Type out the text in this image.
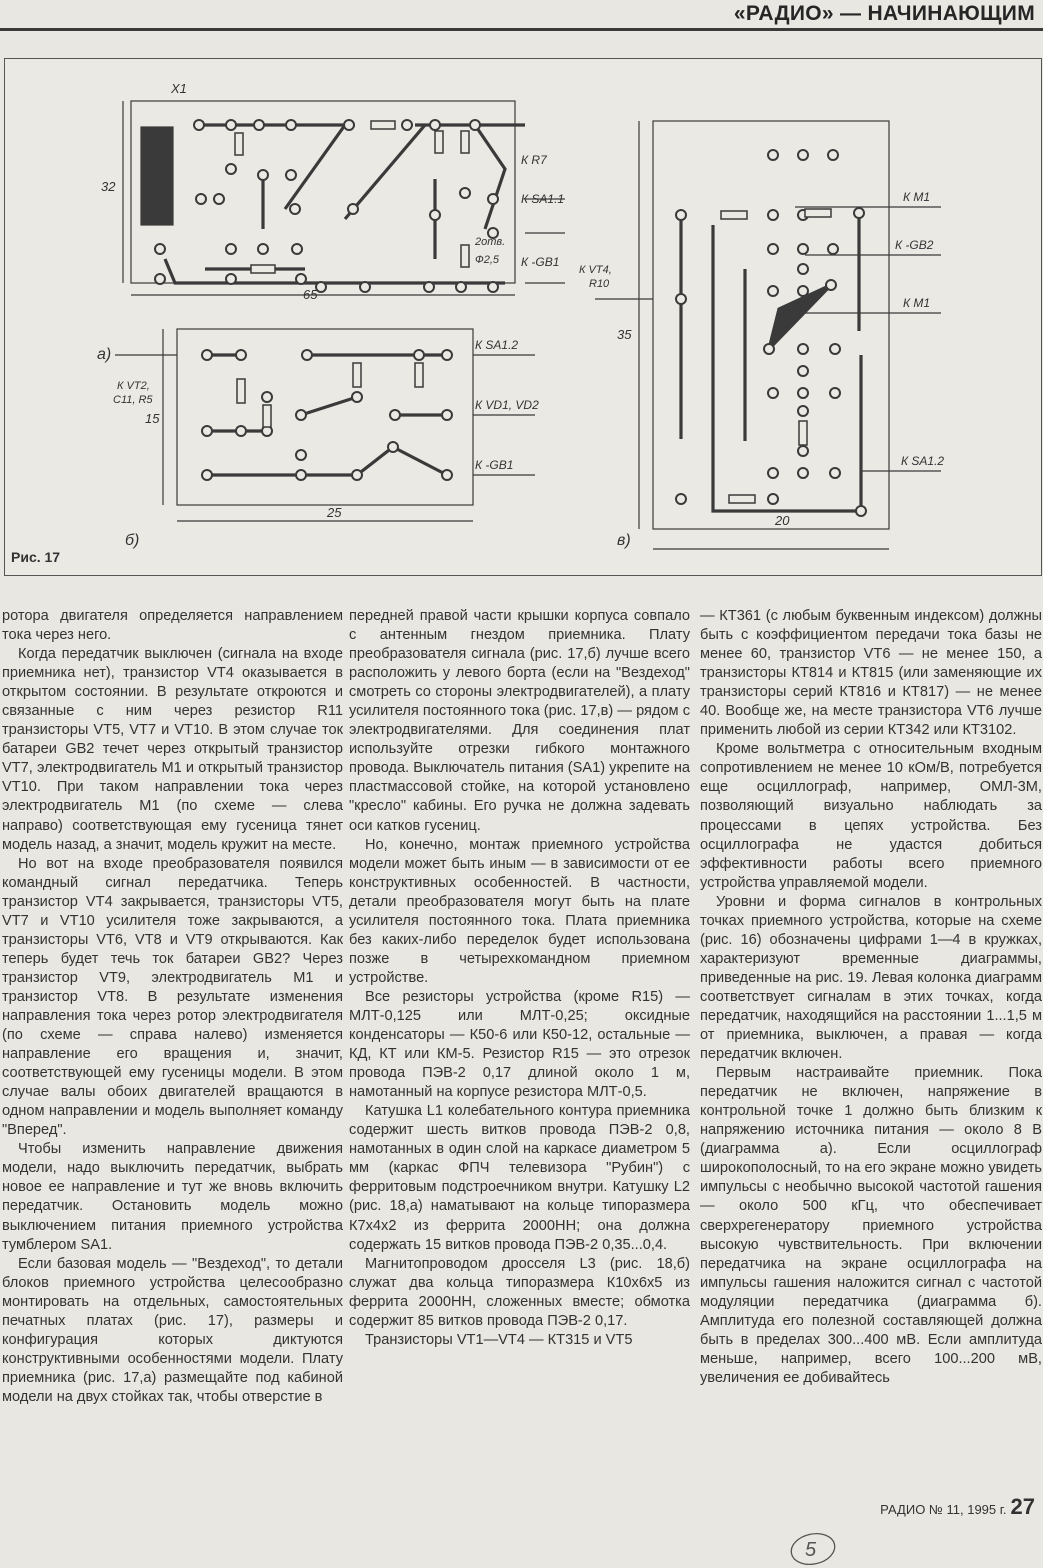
«РАДИО» — НАЧИНАЮЩИМ
X1
65
32
а)
К R7
К SA1.1
К -GB1
2отв.
Ф2,5
К VT2,
C11, R5
К SA1.2
К VD1, VD2
К -GB1
25
15
б)
К VT4,
R10
К M1
К -GB2
К M1
К SA1.2
20
35
в)
Рис. 17

ротора двигателя определяется направлением тока через него.

Когда передатчик выключен (сигнала на входе приемника нет), транзистор VT4 оказывается в открытом состоянии. В результате откроются и связанные с ним через резистор R11 транзисторы VT5, VT7 и VT10. В этом случае ток батареи GB2 течет через открытый транзистор VT7, электродвигатель M1 и открытый транзистор VT10. При таком направлении тока через электродвигатель M1 (по схеме — слева направо) соответствующая ему гусеница тянет модель назад, а значит, модель кружит на месте.

Но вот на входе преобразователя появился командный сигнал передатчика. Теперь транзистор VT4 закрывается, транзисторы VT5, VT7 и VT10 усилителя тоже закрываются, а транзисторы VT6, VT8 и VT9 открываются. Как теперь будет течь ток батареи GB2? Через транзистор VT9, электродвигатель M1 и транзистор VT8. В результате изменения направления тока через ротор электродвигателя (по схеме — справа налево) изменяется направление его вращения и, значит, соответствующей ему гусеницы модели. В этом случае валы обоих двигателей вращаются в одном направлении и модель выполняет команду "Вперед".

Чтобы изменить направление движения модели, надо выключить передатчик, выбрать новое ее направление и тут же вновь включить передатчик. Остановить модель можно выключением питания приемного устройства тумблером SA1.

Если базовая модель — "Вездеход", то детали блоков приемного устройства целесообразно монтировать на отдельных, самостоятельных печатных платах (рис. 17), размеры и конфигурация которых диктуются конструктивными особенностями модели. Плату приемника (рис. 17,а) размещайте под кабиной модели на двух стойках так, чтобы отверстие в

передней правой части крышки корпуса совпало с антенным гнездом приемника. Плату преобразователя сигнала (рис. 17,б) лучше всего расположить у левого борта (если на "Вездеход" смотреть со стороны электродвигателей), а плату усилителя постоянного тока (рис. 17,в) — рядом с электродвигателями. Для соединения плат используйте отрезки гибкого монтажного провода. Выключатель питания (SA1) укрепите на пластмассовой стойке, на которой установлено "кресло" кабины. Его ручка не должна задевать оси катков гусениц.

Но, конечно, монтаж приемного устройства модели может быть иным — в зависимости от ее конструктивных особенностей. В частности, детали преобразователя могут быть на плате усилителя постоянного тока. Плата приемника без каких-либо переделок будет использована позже в четырехкомандном приемном устройстве.

Все резисторы устройства (кроме R15) — МЛТ-0,125 или МЛТ-0,25; оксидные конденсаторы — К50-6 или К50-12, остальные — КД, КТ или КМ-5. Резистор R15 — это отрезок провода ПЭВ-2 0,17 длиной около 1 м, намотанный на корпусе резистора МЛТ-0,5.

Катушка L1 колебательного контура приемника содержит шесть витков провода ПЭВ-2 0,8, намотанных в один слой на каркасе диаметром 5 мм (каркас ФПЧ телевизора "Рубин") с ферритовым подстроечником внутри. Катушку L2 (рис. 18,а) наматывают на кольце типоразмера К7х4х2 из феррита 2000НН; она должна содержать 15 витков провода ПЭВ-2 0,35...0,4.

Магнитопроводом дросселя L3 (рис. 18,б) служат два кольца типоразмера К10х6х5 из феррита 2000НН, сложенных вместе; обмотка содержит 85 витков провода ПЭВ-2 0,17.

Транзисторы VT1—VT4 — КТ315 и VT5

— КТ361 (с любым буквенным индексом) должны быть с коэффициентом передачи тока базы не менее 60, транзистор VT6 — не менее 150, а транзисторы КТ814 и КТ815 (или заменяющие их транзисторы серий КТ816 и КТ817) — не менее 40. Вообще же, на месте транзистора VT6 лучше применить любой из серии КТ342 или КТ3102.

Кроме вольтметра с относительным входным сопротивлением не менее 10 кОм/В, потребуется еще осциллограф, например, ОМЛ-3М, позволяющий визуально наблюдать за процессами в цепях устройства. Без осциллографа не удастся добиться эффективности работы всего приемного устройства управляемой модели.

Уровни и форма сигналов в контрольных точках приемного устройства, которые на схеме (рис. 16) обозначены цифрами 1—4 в кружках, характеризуют временные диаграммы, приведенные на рис. 19. Левая колонка диаграмм соответствует сигналам в этих точках, когда передатчик, находящийся на расстоянии 1...1,5 м от приемника, выключен, а правая — когда передатчик включен.

Первым настраивайте приемник. Пока передатчик не включен, напряжение в контрольной точке 1 должно быть близким к напряжению источника питания — около 8 В (диаграмма а). Если осциллограф широкополосный, то на его экране можно увидеть импульсы с необычно высокой частотой гашения — около 500 кГц, что обеспечивает сверхрегенератору приемного устройства высокую чувствительность. При включении передатчика на экране осциллографа на импульсы гашения наложится сигнал с частотой модуляции передатчика (диаграмма б). Амплитуда его полезной составляющей должна быть в пределах 300...400 мВ. Если амплитуда меньше, например, всего 100...200 мВ, увеличения ее добивайтесь

РАДИО № 11, 1995 г. 27
5
